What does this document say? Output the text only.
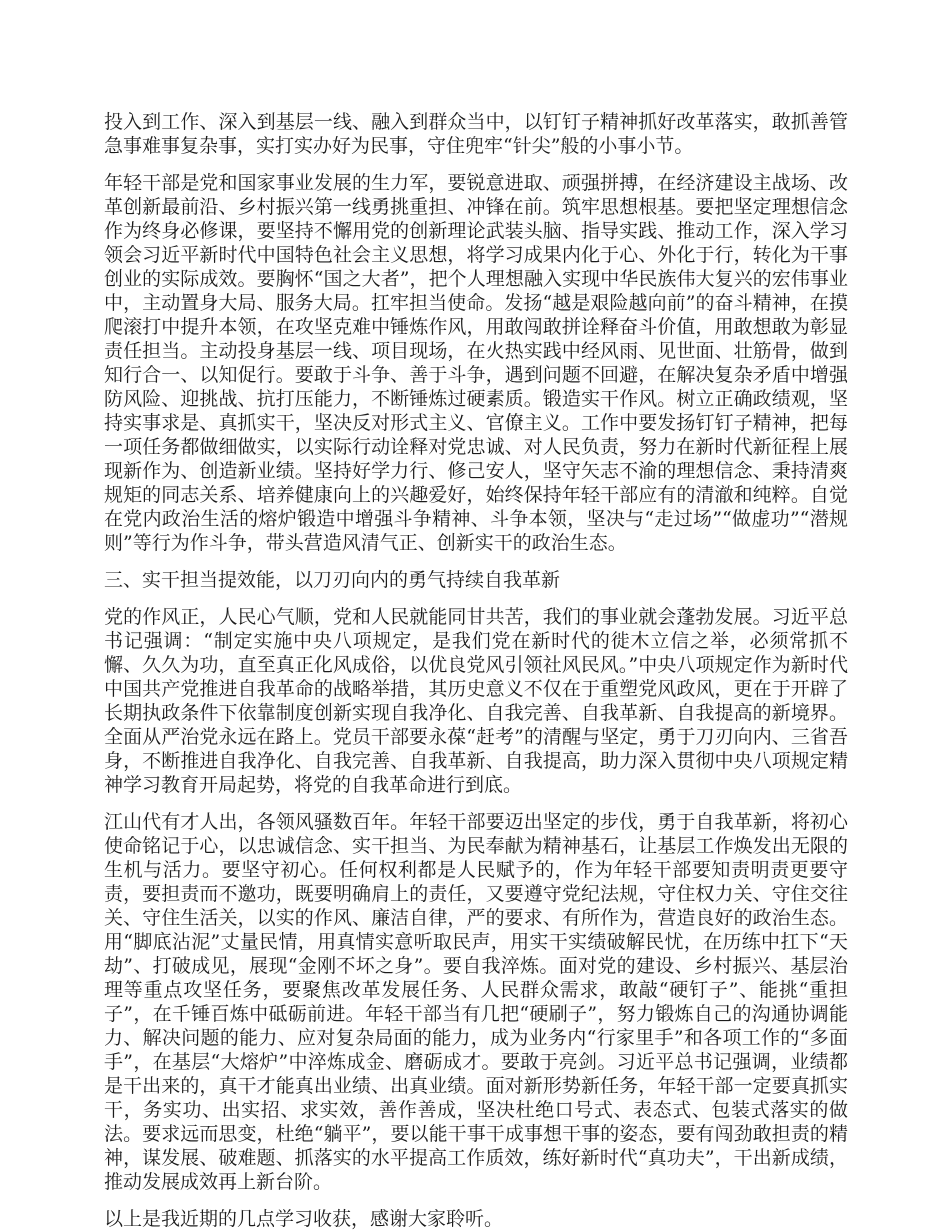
投入到工作、深入到基层一线、融入到群众当中，以钉钉子精神抓好改革落实，敢抓善管急事难事复杂事，实打实办好为民事，守住兜牢“针尖”般的小事小节。

年轻干部是党和国家事业发展的生力军，要锐意进取、顽强拼搏，在经济建设主战场、改革创新最前沿、乡村振兴第一线勇挑重担、冲锋在前。筑牢思想根基。要把坚定理想信念作为终身必修课，要坚持不懈用党的创新理论武装头脑、指导实践、推动工作，深入学习领会习近平新时代中国特色社会主义思想，将学习成果内化于心、外化于行，转化为干事创业的实际成效。要胸怀“国之大者”，把个人理想融入实现中华民族伟大复兴的宏伟事业中，主动置身大局、服务大局。扛牢担当使命。发扬“越是艰险越向前”的奋斗精神，在摸爬滚打中提升本领，在攻坚克难中锤炼作风，用敢闯敢拼诠释奋斗价值，用敢想敢为彰显责任担当。主动投身基层一线、项目现场，在火热实践中经风雨、见世面、壮筋骨，做到知行合一、以知促行。要敢于斗争、善于斗争，遇到问题不回避，在解决复杂矛盾中增强防风险、迎挑战、抗打压能力，不断锤炼过硬素质。锻造实干作风。树立正确政绩观，坚持实事求是、真抓实干，坚决反对形式主义、官僚主义。工作中要发扬钉钉子精神，把每一项任务都做细做实，以实际行动诠释对党忠诚、对人民负责，努力在新时代新征程上展现新作为、创造新业绩。坚持好学力行、修己安人，坚守矢志不渝的理想信念、秉持清爽规矩的同志关系、培养健康向上的兴趣爱好，始终保持年轻干部应有的清澈和纯粹。自觉在党内政治生活的熔炉锻造中增强斗争精神、斗争本领，坚决与“走过场”“做虚功”“潜规则”等行为作斗争，带头营造风清气正、创新实干的政治生态。

三、实干担当提效能，以刀刃向内的勇气持续自我革新

党的作风正，人民心气顺，党和人民就能同甘共苦，我们的事业就会蓬勃发展。习近平总书记强调：“制定实施中央八项规定，是我们党在新时代的徙木立信之举，必须常抓不懈、久久为功，直至真正化风成俗，以优良党风引领社风民风。”中央八项规定作为新时代中国共产党推进自我革命的战略举措，其历史意义不仅在于重塑党风政风，更在于开辟了长期执政条件下依靠制度创新实现自我净化、自我完善、自我革新、自我提高的新境界。全面从严治党永远在路上。党员干部要永葆“赶考”的清醒与坚定，勇于刀刃向内、三省吾身，不断推进自我净化、自我完善、自我革新、自我提高，助力深入贯彻中央八项规定精神学习教育开局起势，将党的自我革命进行到底。

江山代有才人出，各领风骚数百年。年轻干部要迈出坚定的步伐，勇于自我革新，将初心使命铭记于心，以忠诚信念、实干担当、为民奉献为精神基石，让基层工作焕发出无限的生机与活力。要坚守初心。任何权利都是人民赋予的，作为年轻干部要知责明责更要守责，要担责而不邀功，既要明确肩上的责任，又要遵守党纪法规，守住权力关、守住交往关、守住生活关，以实的作风、廉洁自律，严的要求、有所作为，营造良好的政治生态。用“脚底沾泥”丈量民情，用真情实意听取民声，用实干实绩破解民忧，在历练中扛下“天劫”、打破成见，展现“金刚不坏之身”。要自我淬炼。面对党的建设、乡村振兴、基层治理等重点攻坚任务，要聚焦改革发展任务、人民群众需求，敢敲“硬钉子”、能挑“重担子”，在千锤百炼中砥砺前进。年轻干部当有几把“硬刷子”，努力锻炼自己的沟通协调能力、解决问题的能力、应对复杂局面的能力，成为业务内“行家里手”和各项工作的“多面手”，在基层“大熔炉”中淬炼成金、磨砺成才。要敢于亮剑。习近平总书记强调，业绩都是干出来的，真干才能真出业绩、出真业绩。面对新形势新任务，年轻干部一定要真抓实干，务实功、出实招、求实效，善作善成，坚决杜绝口号式、表态式、包装式落实的做法。要求远而思变，杜绝“躺平”，要以能干事干成事想干事的姿态，要有闯劲敢担责的精神，谋发展、破难题、抓落实的水平提高工作质效，练好新时代“真功夫”，干出新成绩，推动发展成效再上新台阶。

以上是我近期的几点学习收获，感谢大家聆听。
